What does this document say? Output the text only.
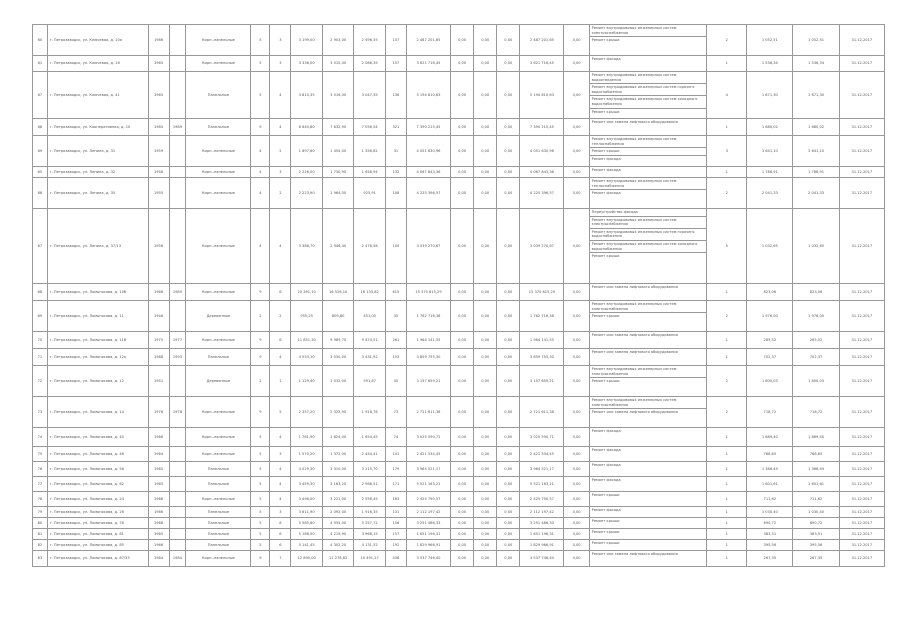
60	г. Петрозаводск, ул. Ключевая, д. 10а	1966		Кирп.-панельные	5	3	3 199,00	2 903,00	2 496,35	107	2 487 201,65	0,00	0,00	0,00	2 487 201,65	0,00	Ремонт внутридомовых инженерных систем электроснабжения
Ремонт крыши	2	1 052,51	1 052,51	31.12.2017
61	г. Петрозаводск, ул. Ключевая, д. 16	1965		Кирп.-панельные	5	3	3 336,00	3 015,00	2 086,35	157	3 621 716,45	0,00	0,00	0,00	3 621 716,45	0,00	Ремонт фасада	1	1 536,34	1 536,34	31.12.2017
67	г. Петрозаводск, ул. Ключевая, д. 41	1965		Панельные	5	4	3 810,35	3 016,00	3 047,35	136	5 194 810,63	0,00	0,00	0,00	5 194 810,63	0,00	Ремонт внутридомовых инженерных систем водоотведения
Ремонт внутридомовых инженерных систем горячего водоснабжения
Ремонт внутридомовых инженерных систем холодного водоснабжения
Ремонт крыши	4	1 671,30	1 671,30	31.12.2017
68	г. Петрозаводск, ул. Кооперативная, д. 10	1985	1989	Панельные	9	4	8 640,80	7 632,90	7 056,54	321	7 390 215,45	0,00	0,00	0,00	7 390 215,45	0,00	Ремонт или замена лифтового оборудования	1	1 680,02	1 680,02	31.12.2017
69	г. Петрозаводск, ул. Ленина, д. 31	1959		Кирп.-панельные	4	2	1 697,60	1 454,00	1 356,82	31	4 051 630,96	0,00	0,00	0,00	4 051 630,96	0,00	Ремонт внутридомовых инженерных систем теплоснабжения
Ремонт крыши
Ремонт фасада	3	3 641,10	3 641,10	31.12.2017
65	г. Петрозаводск, ул. Ленина, д. 32	1958		Кирп.-панельные	4	3	2 226,00	1 730,90	1 658,94	132	4 067 843,36	0,00	0,00	0,00	4 067 843,36	0,00	Ремонт фасада	1	1 786,91	1 786,91	31.12.2017
66	г. Петрозаводск, ул. Ленина, д. 35	1955		Кирп.-панельные	4	2	2 223,90	1 964,00	925,91	108	4 225 396,57	0,00	0,00	0,00	4 225 396,57	0,00	Ремонт внутридомовых инженерных систем теплоснабжения
Ремонт фасада	2	2 041,33	2 041,33	31.12.2017
67	г. Петрозаводск, ул. Ленина, д. 37/13	1958		Кирп.-панельные	4	4	3 388,70	2 946,40	2 476,56	100	3 039 270,67	0,00	0,00	0,00	3 039 270,67	0,00	Переустройство фасада
Ремонт внутридомовых инженерных систем электроснабжения
Ремонт внутридомовых инженерных систем горячего водоснабжения
Ремонт внутридомовых инженерных систем холодного водоснабжения
Ремонт крыши	5	1 032,65	1 032,65	31.12.2017
68	г. Петрозаводск, ул. Ломоносова, д. 10б	1986	1989	Кирп.-панельные	9	6	20 391,10	16 526,10	16 133,82	615	15 370 615,29	0,00	0,00	0,00	15 370 615,29	0,00	Ремонт или замена лифтового оборудования	1	823,06	823,06	31.12.2017
69	г. Петрозаводск, ул. Ломоносова, д. 11	1946		Деревянные	2	2	955,25	809,80	451,00	35	1 762 716,38	0,00	0,00	0,00	1 762 716,38	0,00	Ремонт внутридомовых инженерных систем электроснабжения
Ремонт крыши	2	1 976,00	1 976,00	31.12.2017
70	г. Петрозаводск, ул. Ломоносова, д. 11б	1975	1977	Кирп.-панельные	9	6	11 851,30	9 989,70	9 474,51	261	1 964 141,55	0,00	0,00	0,00	1 964 141,55	0,00	Ремонт или замена лифтового оборудования	1	285,52	285,52	31.12.2017
71	г. Петрозаводск, ул. Ломоносова, д. 12а	1988	1993	Панельные	9	4	4 553,10	3 030,00	3 431,92	153	3 859 755,30	0,00	0,00	0,00	3 859 755,30	0,00	Ремонт или замена лифтового оборудования	1	702,37	702,37	31.12.2017
72	г. Петрозаводск, ул. Ломоносова, д. 12	1951		Деревянные	2	1	1 129,40	1 032,00	591,87	45	3 157 659,21	0,00	0,00	0,00	3 157 659,21	0,00	Ремонт внутридомовых инженерных систем электроснабжения
Ремонт крыши	2	1 800,03	1 800,03	31.12.2017
73	г. Петрозаводск, ул. Ломоносова, д. 14	1976	1978	Кирп.-панельные	9	5	2 357,20	2 322,90	1 918,78	73	2 721 611,38	0,00	0,00	0,00	2 721 611,38	0,00	Ремонт внутридомовых инженерных систем электроснабжения
Ремонт или замена лифтового оборудования	2	718,72	718,72	31.12.2017
74	г. Петрозаводск, ул. Ломоносова, д. 40	1966		Кирп.-панельные	5	4	1 761,90	1 624,00	1 654,45	74	3 025 590,71	0,00	0,00	0,00	3 025 590,71	0,00	Ремонт фасада	1	1 889,40	1 889,40	31.12.2017
75	г. Петрозаводск, ул. Ломоносова, д. 46	1964		Кирп.-панельные	5	3	1 570,20	1 372,00	2 444,41	141	2 421 534,45	0,00	0,00	0,00	2 421 534,45	0,00	Ремонт фасада	1	766,65	766,65	31.12.2017
76	г. Петрозаводск, ул. Ломоносова, д. 56	1965		Панельные	5	4	4 029,30	3 310,00	3 215,70	179	3 964 521,17	0,00	0,00	0,00	3 964 521,17	0,00	Ремонт фасада	1	1 386,49	1 386,49	31.12.2017
77	г. Петрозаводск, ул. Ломоносова, д. 62	1965		Панельные	5	4	3 459,30	3 163,20	2 968,51	171	5 521 163,21	0,00	0,00	0,00	5 521 163,21	0,00	Ремонт фасада	1	1 601,61	1 601,61	31.12.2017
78	г. Петрозаводск, ул. Ломоносова, д. 24	1966		Кирп.-панельные	5	4	3 496,00	3 221,00	2 556,45	163	2 425 790,57	0,00	0,00	0,00	2 425 790,57	0,00	Ремонт крыши	1	711,62	711,62	31.12.2017
79	г. Петрозаводск, ул. Ломоносова, д. 26	1966		Панельные	5	3	3 611,90	2 092,00	1 916,35	131	2 112 197,42	0,00	0,00	0,00	2 112 197,42	0,00	Ремонт фасада	1	1 030,40	1 030,40	31.12.2017
80	г. Петрозаводск, ул. Ломоносова, д. 78	1968		Панельные	5	6	5 585,60	4 955,00	5 257,72	156	3 251 486,33	0,00	0,00	0,00	3 251 486,33	0,00	Ремонт крыши	1	690,72	690,72	31.12.2017
81	г. Петрозаводск, ул. Ломоносова, д. 81	1965		Панельные	5	6	5 188,50	4 219,90	3 968,15	157	1 651 196,31	0,00	0,00	0,00	1 651 196,31	0,00	Ремонт крыши	1	383,51	383,51	31.12.2017
82	г. Петрозаводск, ул. Ломоносова, д. 85	1966		Панельные	5	6	5 141,45	4 302,20	4 131,52	192	1 829 966,91	0,00	0,00	0,00	1 829 966,91	0,00	Ремонт крыши	1	395,56	395,56	31.12.2017
83	г. Петрозаводск, ул. Ломоносова, д. 87/33	1984	1984	Кирп.-панельные	9	7	12 890,00	11 278,82	10 491,27	436	3 537 746,40	0,00	0,00	0,00	3 537 746,40	0,00	Ремонт или замена лифтового оборудования	1	267,35	267,35	31.12.2017
